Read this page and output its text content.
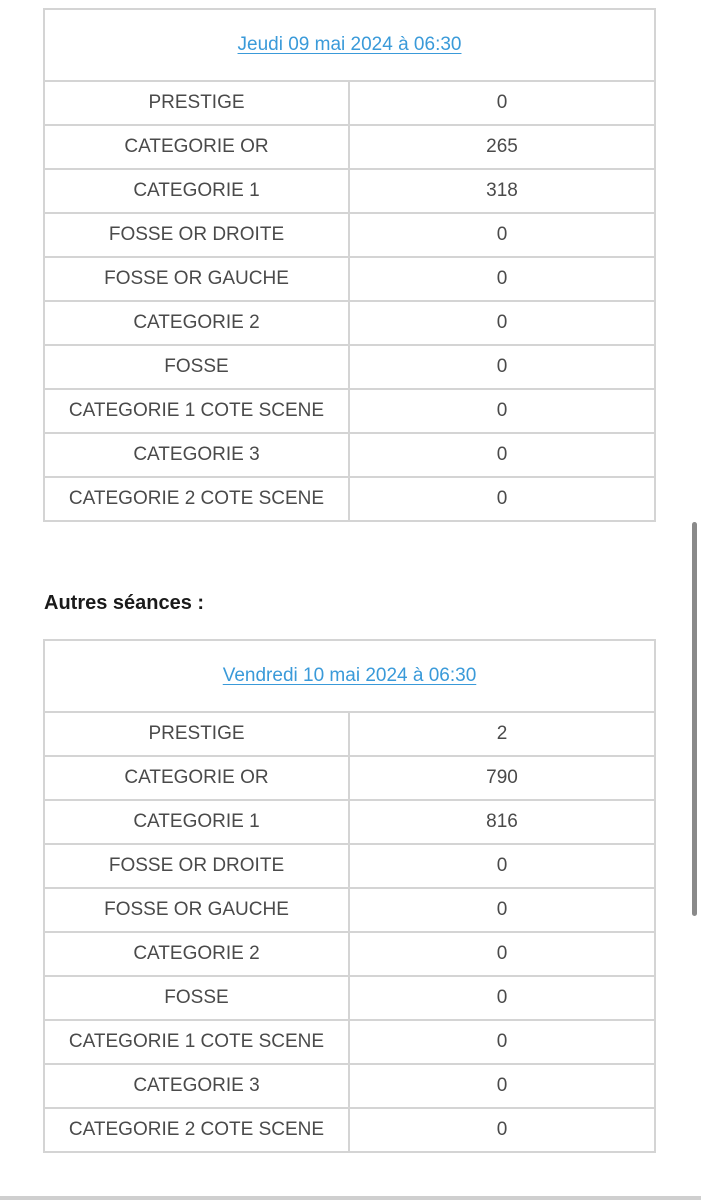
Jeudi 09 mai 2024 à 06:30	
PRESTIGE	0
CATEGORIE OR	265
CATEGORIE 1	318
FOSSE OR DROITE	0
FOSSE OR GAUCHE	0
CATEGORIE 2	0
FOSSE	0
CATEGORIE 1 COTE SCENE	0
CATEGORIE 3	0
CATEGORIE 2 COTE SCENE	0
Autres séances :
Vendredi 10 mai 2024 à 06:30	
PRESTIGE	2
CATEGORIE OR	790
CATEGORIE 1	816
FOSSE OR DROITE	0
FOSSE OR GAUCHE	0
CATEGORIE 2	0
FOSSE	0
CATEGORIE 1 COTE SCENE	0
CATEGORIE 3	0
CATEGORIE 2 COTE SCENE	0
